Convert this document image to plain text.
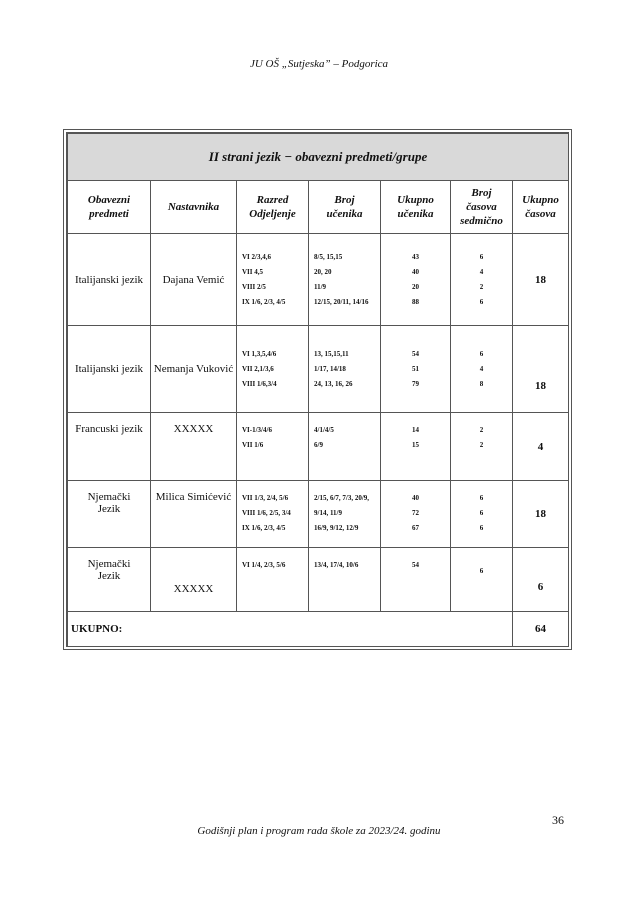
JU OŠ „Sutjeska” – Podgorica
II strani jezik − obavezni predmeti/grupe						

Obavezni
predmeti	Nastavnika	Razred
Odjeljenje	Broj
učenika	Ukupno
učenika	Broj
časova
sedmično	Ukupno
časova

Italijanski jezik	Dajana Vemić	VI 2/3,4,6
VII 4,5
VIII 2/5
IX 1/6, 2/3, 4/5	8/5, 15,15
20, 20
11/9
12/15, 20/11, 14/16	43
40
20
88	6
4
2
6	18
Italijanski jezik	Nemanja Vuković	VI 1,3,5,4/6
VII 2,1/3,6
VIII 1/6,3/4	13, 15,15,11
1/17, 14/18
24, 13, 16, 26	54
51
79	6
4
8	18
Francuski jezik	XXXXX	VI-1/3/4/6
VII 1/6	4/1/4/5
6/9	14
15	2
2	4

Njemački
Jezik	Milica Simićević	VII 1/3, 2/4, 5/6
VIII 1/6, 2/5, 3/4
IX 1/6, 2/3, 4/5	2/15, 6/7, 7/3, 20/9,
9/14, 11/9
16/9, 9/12, 12/9	40
72
67	6
6
6	18

Njemački
Jezik	XXXXX	VI 1/4, 2/3, 5/6	13/4, 17/4, 10/6	54	6	6
UKUPNO:						64
36
Godišnji plan i program rada škole za 2023/24. godinu
